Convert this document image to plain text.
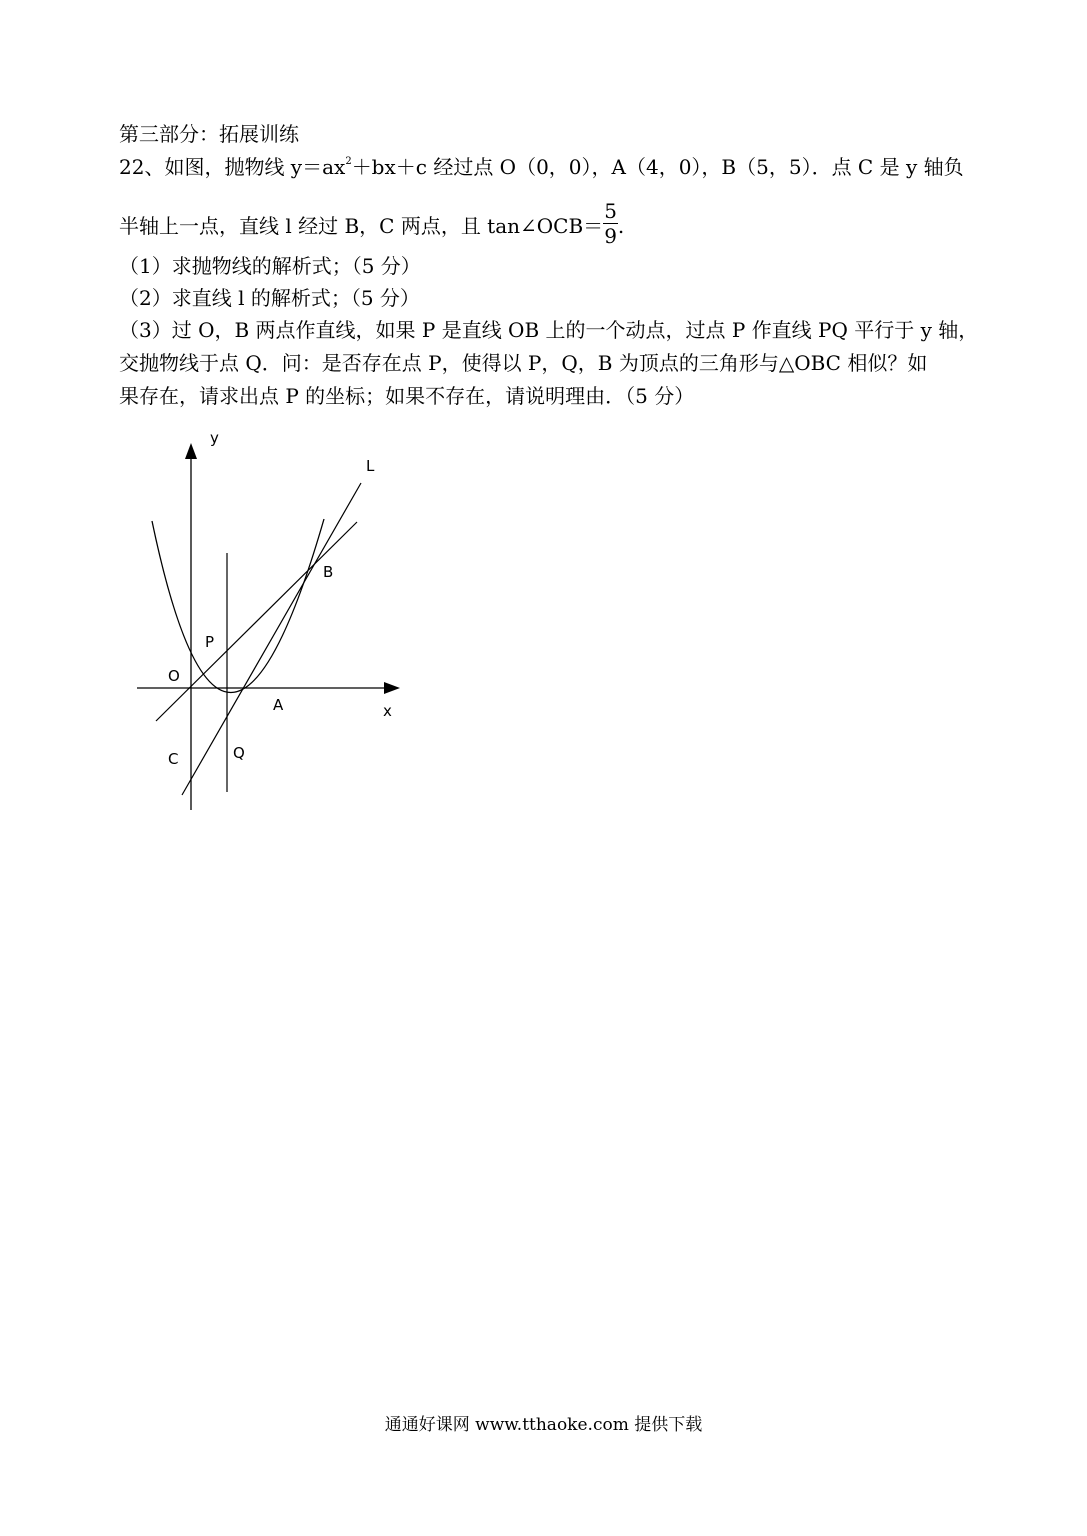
第三部分：拓展训练
22、如图，抛物线 $y=ax^2+bx+c$ 经过点 O（0，0），A（4，0），B（5，5）．点 C 是 y 轴负
半轴上一点，直线 l 经过 B，C 两点，且 tan∠OCB＝ $\frac{5}{9}$ .
（1）求抛物线的解析式；（5 分）
（2）求直线 l 的解析式；（5 分）
（3）过 O，B 两点作直线，如果 P 是直线 OB 上的一个动点，过点 P 作直线 PQ 平行于 y 轴，
交抛物线于点 Q．问：是否存在点 P，使得以 P，Q，B 为顶点的三角形与△OBC 相似？如
果存在，请求出点 P 的坐标；如果不存在，请说明理由．（5 分）
y
L
B
P
O
A	x
C	Q
通通好课网 www.tthaoke.com 提供下载
